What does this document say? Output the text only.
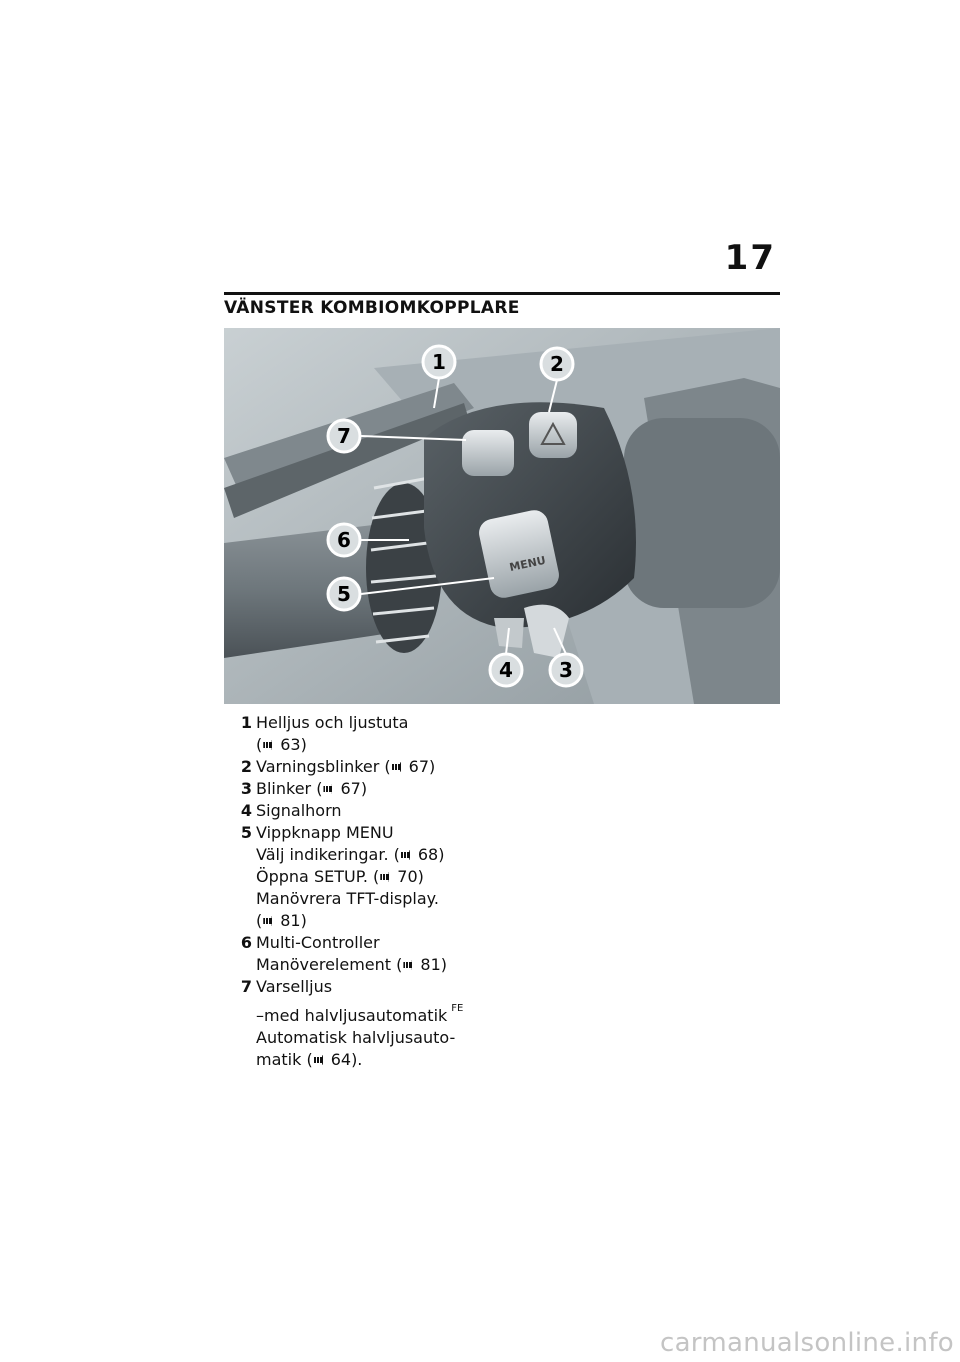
17
VÄNSTER KOMBIOMKOPPLARE
MENU
1	2
3
4
5
6
7
1 Helljus och ljustuta
( 63)
2 Varningsblinker ( 67)
3 Blinker ( 67)
4 Signalhorn
5 Vippknapp MENU
Välj indikeringar. ( 68)
Öppna SETUP. ( 70)
Manövrera TFT-display.
( 81)
6 Multi-Controller
Manöverelement ( 81)
7 Varselljus
–med halvljusautomatik $^{FE}$
Automatisk halvljusauto-
matik ( 64).
carmanualsonline.info
